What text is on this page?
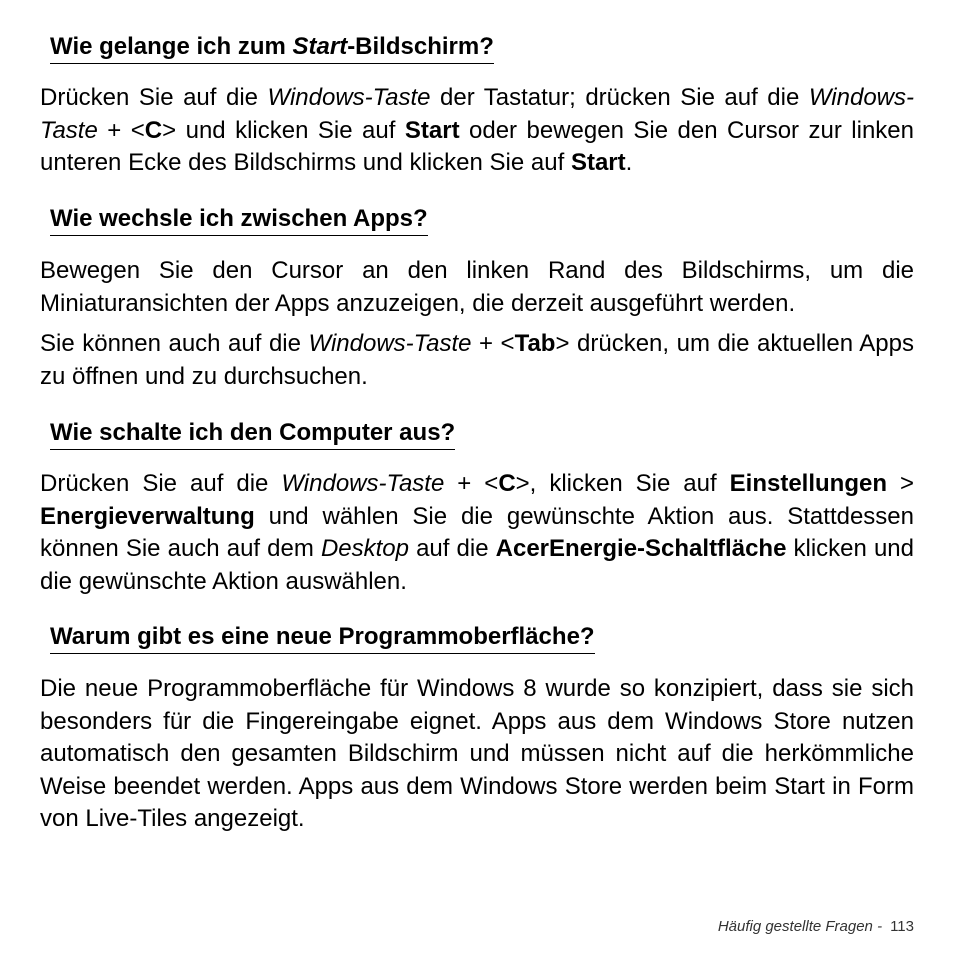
Wie gelange ich zum Start-Bildschirm?

Drücken Sie auf die Windows-Taste der Tastatur; drücken Sie auf die Windows-Taste + <C> und klicken Sie auf Start oder bewegen Sie den Cursor zur linken unteren Ecke des Bildschirms und klicken Sie auf Start.

Wie wechsle ich zwischen Apps?

Bewegen Sie den Cursor an den linken Rand des Bildschirms, um die Miniaturansichten der Apps anzuzeigen, die derzeit ausgeführt werden.

Sie können auch auf die Windows-Taste + <Tab> drücken, um die aktuellen Apps zu öffnen und zu durchsuchen.

Wie schalte ich den Computer aus?

Drücken Sie auf die Windows-Taste + <C>, klicken Sie auf Einstellungen > Energieverwaltung und wählen Sie die gewünschte Aktion aus. Stattdessen können Sie auch auf dem Desktop auf die AcerEnergie-Schaltfläche klicken und die gewünschte Aktion auswählen.

Warum gibt es eine neue Programmoberfläche?

Die neue Programmoberfläche für Windows 8 wurde so konzipiert, dass sie sich besonders für die Fingereingabe eignet. Apps aus dem Windows Store nutzen automatisch den gesamten Bildschirm und müssen nicht auf die herkömmliche Weise beendet werden. Apps aus dem Windows Store werden beim Start in Form von Live-Tiles angezeigt.

Häufig gestellte Fragen - 113
